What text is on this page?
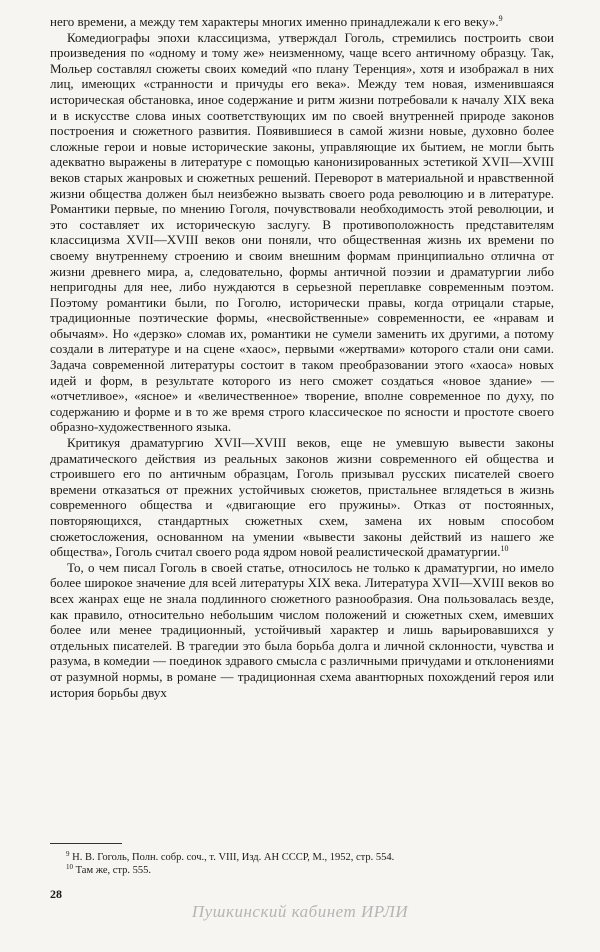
него времени, а между тем характеры многих именно принадлежали к его веку».$^9$

Комедиографы эпохи классицизма, утверждал Гоголь, стремились построить свои произведения по «одному и тому же» неизменному, чаще всего античному образцу. Так, Мольер составлял сюжеты своих комедий «по плану Теренция», хотя и изображал в них лиц, имеющих «странности и причуды его века». Между тем новая, изменившаяся историческая обстановка, иное содержание и ритм жизни потребовали к началу XIX века и в искусстве слова иных соответствующих им по своей внутренней природе законов построения и сюжетного развития. Появившиеся в самой жизни новые, духовно более сложные герои и новые исторические законы, управляющие их бытием, не могли быть адекватно выражены в литературе с помощью канонизированных эстетикой XVII—XVIII веков старых жанровых и сюжетных решений. Переворот в материальной и нравственной жизни общества должен был неизбежно вызвать своего рода революцию и в литературе. Романтики первые, по мнению Гоголя, почувствовали необходимость этой революции, и это составляет их историческую заслугу. В противоположность представителям классицизма XVII—XVIII веков они поняли, что общественная жизнь их времени по своему внутреннему строению и своим внешним формам принципиально отлична от жизни древнего мира, а, следовательно, формы античной поэзии и драматургии либо непригодны для нее, либо нуждаются в серьезной переплавке современным поэтом. Поэтому романтики были, по Гоголю, исторически правы, когда отрицали старые, традиционные поэтические формы, «несвойственные» современности, ее «нравам и обычаям». Но «дерзко» сломав их, романтики не сумели заменить их другими, а потому создали в литературе и на сцене «хаос», первыми «жертвами» которого стали они сами. Задача современной литературы состоит в таком преобразовании этого «хаоса» новых идей и форм, в результате которого из него сможет создаться «новое здание» — «отчетливое», «ясное» и «величественное» творение, вполне современное по духу, по содержанию и форме и в то же время строго классическое по ясности и простоте своего образно-художественного языка.

Критикуя драматургию XVII—XVIII веков, еще не умевшую вывести законы драматического действия из реальных законов жизни современного ей общества и строившего его по античным образцам, Гоголь призывал русских писателей своего времени отказаться от прежних устойчивых сюжетов, пристальнее вглядеться в жизнь современного общества и «двигающие его пружины». Отказ от постоянных, повторяющихся, стандартных сюжетных схем, замена их новым способом сюжетосложения, основанном на умении «вывести законы действий из нашего же общества», Гоголь считал своего рода ядром новой реалистической драматургии.$^{10}$

То, о чем писал Гоголь в своей статье, относилось не только к драматургии, но имело более широкое значение для всей литературы XIX века. Литература XVII—XVIII веков во всех жанрах еще не знала подлинного сюжетного разнообразия. Она пользовалась везде, как правило, относительно небольшим числом положений и сюжетных схем, имевших более или менее традиционный, устойчивый характер и лишь варьировавшихся у отдельных писателей. В трагедии это была борьба долга и личной склонности, чувства и разума, в комедии — поединок здравого смысла с различными причудами и отклонениями от разумной нормы, в романе — традиционная схема авантюрных похождений героя или история борьбы двух

$^9$ Н. В. Гоголь, Полн. собр. соч., т. VIII, Изд. АН СССР, М., 1952, стр. 554.

$^{10}$ Там же, стр. 555.

28
Пушкинский кабинет ИРЛИ
